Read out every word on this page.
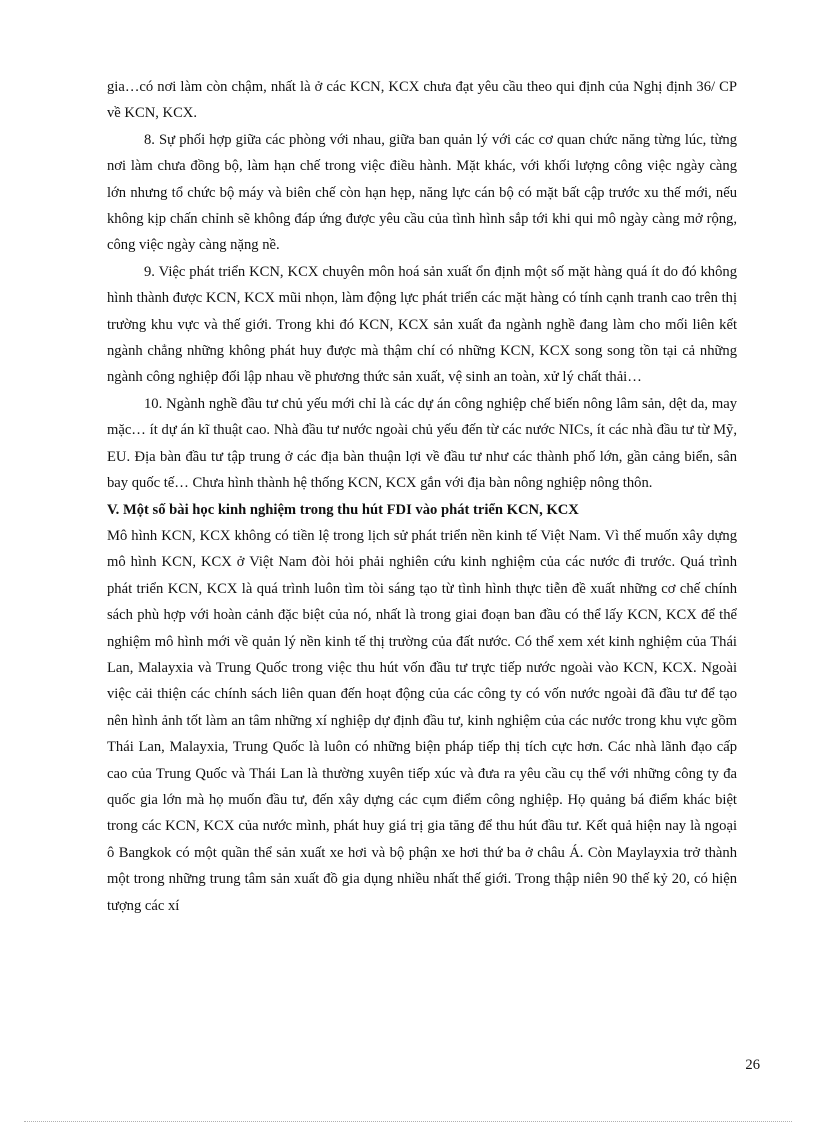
gia…có nơi làm còn chậm, nhất là ở các KCN, KCX chưa đạt yêu cầu theo qui định của Nghị định 36/ CP về KCN, KCX.

8. Sự phối hợp giữa các phòng với nhau, giữa ban quản lý với các cơ quan chức năng từng lúc, từng nơi làm chưa đồng bộ, làm hạn chế trong việc điều hành. Mặt khác, với khối lượng công việc ngày càng lớn nhưng tổ chức bộ máy và biên chế còn hạn hẹp, năng lực cán bộ có mặt bất cập trước xu thế mới, nếu không kịp chấn chỉnh sẽ không đáp ứng được yêu cầu của tình hình sắp tới khi qui mô ngày càng mở rộng, công việc ngày càng nặng nề.

9. Việc phát triển KCN, KCX chuyên môn hoá sản xuất ổn định một số mặt hàng quá ít do đó không hình thành được KCN, KCX mũi nhọn, làm động lực phát triển các mặt hàng có tính cạnh tranh cao trên thị trường khu vực và thế giới. Trong khi đó KCN, KCX sản xuất đa ngành nghề đang làm cho mối liên kết ngành chẳng những không phát huy được mà thậm chí có những KCN, KCX song song tồn tại cả những ngành công nghiệp đối lập nhau về phương thức sản xuất, vệ sinh an toàn, xử lý chất thải…

10. Ngành nghề đầu tư chủ yếu mới chỉ là các dự án công nghiệp chế biến nông lâm sản, dệt da, may mặc… ít dự án kĩ thuật cao. Nhà đầu tư nước ngoài chủ yếu đến từ các nước NICs, ít các nhà đầu tư từ Mỹ, EU. Địa bàn đầu tư tập trung ở các địa bàn thuận lợi về đầu tư như các thành phố lớn, gần cảng biển, sân bay quốc tế… Chưa hình thành hệ thống KCN, KCX gắn với địa bàn nông nghiệp nông thôn.

V. Một số bài học kinh nghiệm trong thu hút FDI vào phát triển KCN, KCX

Mô hình KCN, KCX không có tiền lệ trong lịch sử phát triển nền kinh tế Việt Nam. Vì thế muốn xây dựng mô hình KCN, KCX ở Việt Nam đòi hỏi phải nghiên cứu kinh nghiệm của các nước đi trước. Quá trình phát triển KCN, KCX là quá trình luôn tìm tòi sáng tạo từ tình hình thực tiễn đề xuất những cơ chế chính sách phù hợp với hoàn cảnh đặc biệt của nó, nhất là trong giai đoạn ban đầu có thể lấy KCN, KCX để thể nghiệm mô hình mới về quản lý nền kinh tế thị trường của đất nước. Có thể xem xét kinh nghiệm của Thái Lan, Malayxia và Trung Quốc trong việc thu hút vốn đầu tư trực tiếp nước ngoài vào KCN, KCX. Ngoài việc cải thiện các chính sách liên quan đến hoạt động của các công ty có vốn nước ngoài đã đầu tư để tạo nên hình ảnh tốt làm an tâm những xí nghiệp dự định đầu tư, kinh nghiệm của các nước trong khu vực gồm Thái Lan, Malayxia, Trung Quốc là luôn có những biện pháp tiếp thị tích cực hơn. Các nhà lãnh đạo cấp cao của Trung Quốc và Thái Lan là thường xuyên tiếp xúc và đưa ra yêu cầu cụ thể với những công ty đa quốc gia lớn mà họ muốn đầu tư, đến xây dựng các cụm điểm công nghiệp. Họ quảng bá điểm khác biệt trong các KCN, KCX của nước mình, phát huy giá trị gia tăng để thu hút đầu tư. Kết quả hiện nay là ngoại ô Bangkok có một quần thể sản xuất xe hơi và bộ phận xe hơi thứ ba ở châu Á. Còn Maylayxia trở thành một trong những trung tâm sản xuất đồ gia dụng nhiều nhất thế giới. Trong thập niên 90 thế kỷ 20, có hiện tượng các xí

26
